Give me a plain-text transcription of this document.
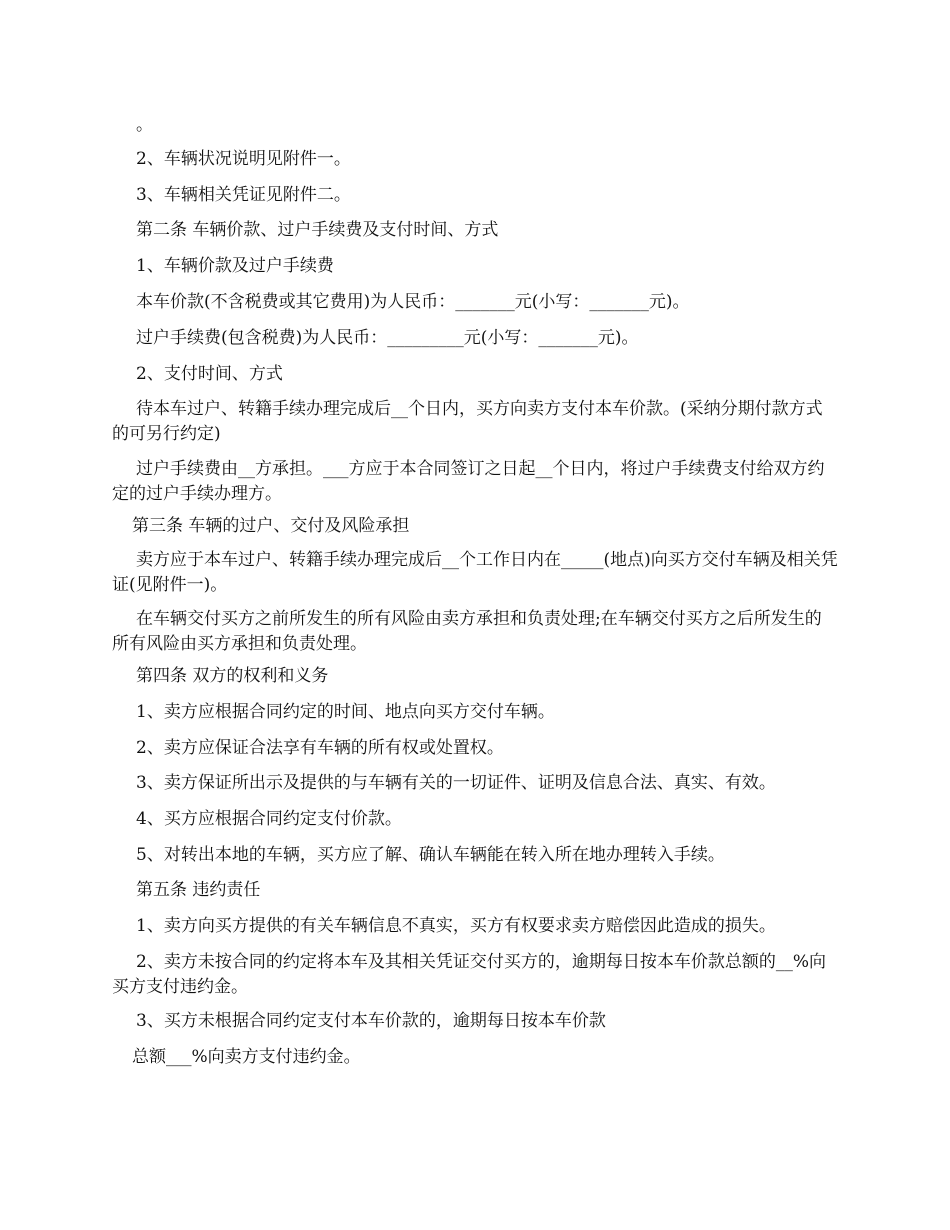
。
2、车辆状况说明见附件一。
3、车辆相关凭证见附件二。
第二条 车辆价款、过户手续费及支付时间、方式
1、车辆价款及过户手续费
本车价款(不含税费或其它费用)为人民币：_______元(小写：_______元)。
过户手续费(包含税费)为人民币：_________元(小写：_______元)。
2、支付时间、方式
待本车过户、转籍手续办理完成后__个日内，买方向卖方支付本车价款。(采纳分期付款方式的可另行约定)
过户手续费由__方承担。___方应于本合同签订之日起__个日内，将过户手续费支付给双方约定的过户手续办理方。
第三条 车辆的过户、交付及风险承担
卖方应于本车过户、转籍手续办理完成后__个工作日内在_____(地点)向买方交付车辆及相关凭证(见附件一)。
在车辆交付买方之前所发生的所有风险由卖方承担和负责处理;在车辆交付买方之后所发生的所有风险由买方承担和负责处理。
第四条 双方的权利和义务
1、卖方应根据合同约定的时间、地点向买方交付车辆。
2、卖方应保证合法享有车辆的所有权或处置权。
3、卖方保证所出示及提供的与车辆有关的一切证件、证明及信息合法、真实、有效。
4、买方应根据合同约定支付价款。
5、对转出本地的车辆，买方应了解、确认车辆能在转入所在地办理转入手续。
第五条 违约责任
1、卖方向买方提供的有关车辆信息不真实，买方有权要求卖方赔偿因此造成的损失。
2、卖方未按合同的约定将本车及其相关凭证交付买方的，逾期每日按本车价款总额的__%向买方支付违约金。
3、买方未根据合同约定支付本车价款的，逾期每日按本车价款
总额___%向卖方支付违约金。
